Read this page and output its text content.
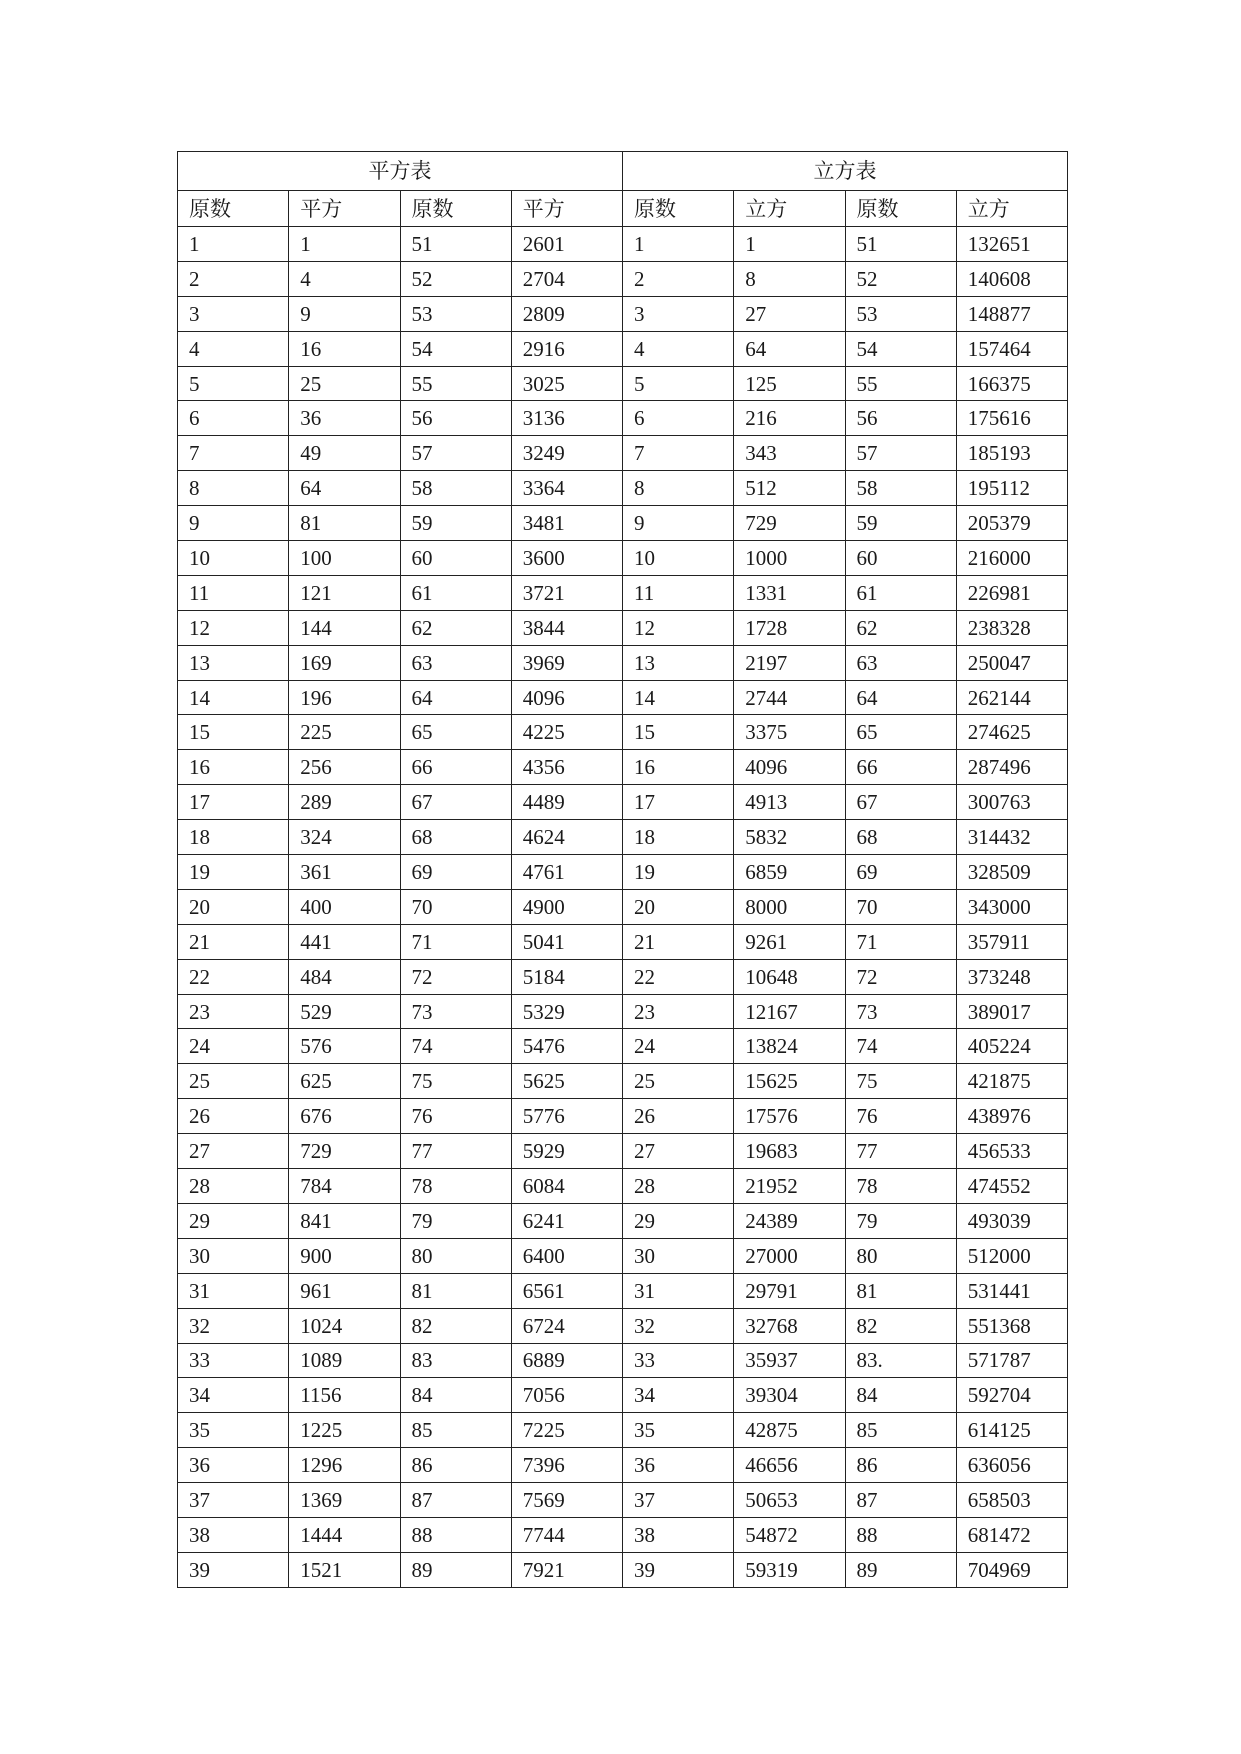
平方表				立方表			
原数	平方	原数	平方	原数	立方	原数	立方
1	1	51	2601	1	1	51	132651
2	4	52	2704	2	8	52	140608
3	9	53	2809	3	27	53	148877
4	16	54	2916	4	64	54	157464
5	25	55	3025	5	125	55	166375
6	36	56	3136	6	216	56	175616
7	49	57	3249	7	343	57	185193
8	64	58	3364	8	512	58	195112
9	81	59	3481	9	729	59	205379
10	100	60	3600	10	1000	60	216000
11	121	61	3721	11	1331	61	226981
12	144	62	3844	12	1728	62	238328
13	169	63	3969	13	2197	63	250047
14	196	64	4096	14	2744	64	262144
15	225	65	4225	15	3375	65	274625
16	256	66	4356	16	4096	66	287496
17	289	67	4489	17	4913	67	300763
18	324	68	4624	18	5832	68	314432
19	361	69	4761	19	6859	69	328509
20	400	70	4900	20	8000	70	343000
21	441	71	5041	21	9261	71	357911
22	484	72	5184	22	10648	72	373248
23	529	73	5329	23	12167	73	389017
24	576	74	5476	24	13824	74	405224
25	625	75	5625	25	15625	75	421875
26	676	76	5776	26	17576	76	438976
27	729	77	5929	27	19683	77	456533
28	784	78	6084	28	21952	78	474552
29	841	79	6241	29	24389	79	493039
30	900	80	6400	30	27000	80	512000
31	961	81	6561	31	29791	81	531441
32	1024	82	6724	32	32768	82	551368
33	1089	83	6889	33	35937	83.	571787
34	1156	84	7056	34	39304	84	592704
35	1225	85	7225	35	42875	85	614125
36	1296	86	7396	36	46656	86	636056
37	1369	87	7569	37	50653	87	658503
38	1444	88	7744	38	54872	88	681472
39	1521	89	7921	39	59319	89	704969
